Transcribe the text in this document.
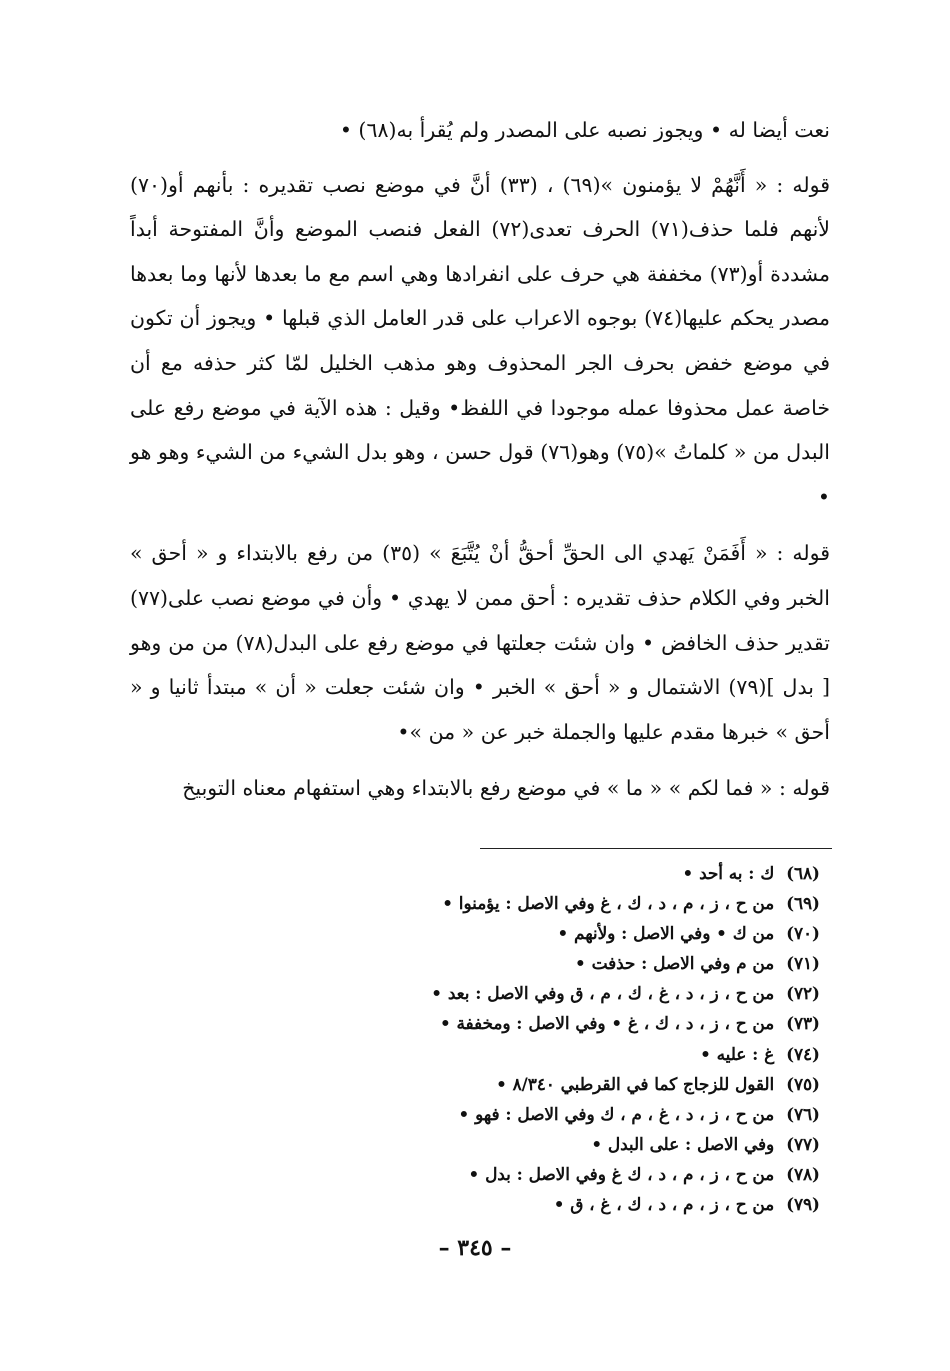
نعت أيضا له • ويجوز نصبه على المصدر ولم يُقرأ به(٦٨) •

قوله : « أَنَّهُمْ لا يؤمنون »(٦٩) ، (٣٣) أنَّ في موضع نصب تقديره : بأنهم أو(٧٠) لأنهم فلما حذف(٧١) الحرف تعدى(٧٢) الفعل فنصب الموضع وأنَّ المفتوحة أبداً مشددة أو(٧٣) مخففة هي حرف على انفرادها وهي اسم مع ما بعدها لأنها وما بعدها مصدر يحكم عليها(٧٤) بوجوه الاعراب على قدر العامل الذي قبلها • ويجوز أن تكون في موضع خفض بحرف الجر المحذوف وهو مذهب الخليل لمّا كثر حذفه مع أن خاصة عمل محذوفا عمله موجودا في اللفظ• وقيل : هذه الآية في موضع رفع على البدل من « كلماتُ »(٧٥) وهو(٧٦) قول حسن ، وهو بدل الشيء من الشيء وهو هو •

قوله : « أَفَمَنْ يَهدي الى الحقِّ أحقُّ أنْ يُتَّبَعَ » (٣٥) من رفع بالابتداء و « أحق » الخبر وفي الكلام حذف تقديره : أحق ممن لا يهدي • وأن في موضع نصب على(٧٧) تقدير حذف الخافض • وان شئت جعلتها في موضع رفع على البدل(٧٨) من من وهو [ بدل ](٧٩) الاشتمال و « أحق » الخبر • وان شئت جعلت « أن » مبتدأ ثانيا و « أحق » خبرها مقدم عليها والجملة خبر عن « من »•

قوله : « فما لكم » « ما » في موضع رفع بالابتداء وهي استفهام معناه التوبيخ

(٦٨) ك : به أحد •
(٦٩) من ح ، ز ، م ، د ، ك ، غ وفي الاصل : يؤمنوا •
(٧٠) من ك • وفي الاصل : ولأنهم •
(٧١) من م وفي الاصل : حذفت •
(٧٢) من ح ، ز ، د ، غ ، ك ، م ، ق وفي الاصل : بعد •
(٧٣) من ح ، ز ، د ، ك ، غ • وفي الاصل : ومخففة •
(٧٤) غ : عليه •
(٧٥) القول للزجاج كما في القرطبي ٨/٣٤٠ •
(٧٦) من ح ، ز ، د ، غ ، م ، ك وفي الاصل : فهو •
(٧٧) وفي الاصل : على البدل •
(٧٨) من ح ، ز ، م ، د ، ك غ وفي الاصل : بدل •
(٧٩) من ح ، ز ، م ، د ، ك ، غ ، ق •
– ٣٤٥ –
